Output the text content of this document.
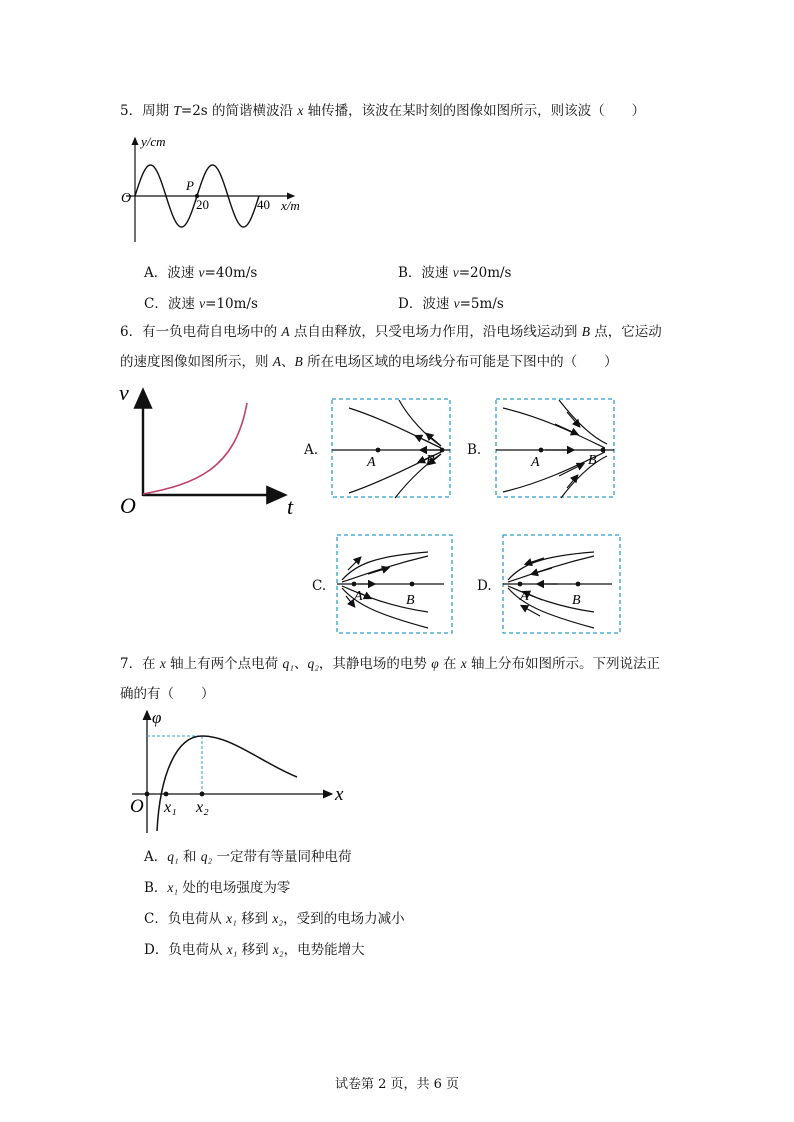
5．周期 T=2s 的简谐横波沿 x 轴传播，该波在某时刻的图像如图所示，则该波（　　）
y/cm
O
P
20	40 x/m
A．波速 v=40m/s	B．波速 v=20m/s
C．波速 v=10m/s	D．波速 v=5m/s
6．有一负电荷自电场中的 A 点自由释放，只受电场力作用，沿电场线运动到 B 点，它运动
的速度图像如图所示，则 A、B 所在电场区域的电场线分布可能是下图中的（　　）
v
O	t
A.	B.
C.	D.
A	B	A	B
A	B	A	B
7．在 x 轴上有两个点电荷 q₁、q₂，其静电场的电势 φ 在 x 轴上分布如图所示。下列说法正
确的有（　　）
φ
O x₁ x₂
x
A．q₁ 和 q₂ 一定带有等量同种电荷
B．x₁ 处的电场强度为零
C．负电荷从 x₁ 移到 x₂，受到的电场力减小
D．负电荷从 x₁ 移到 x₂，电势能增大
试卷第 2 页，共 6 页
